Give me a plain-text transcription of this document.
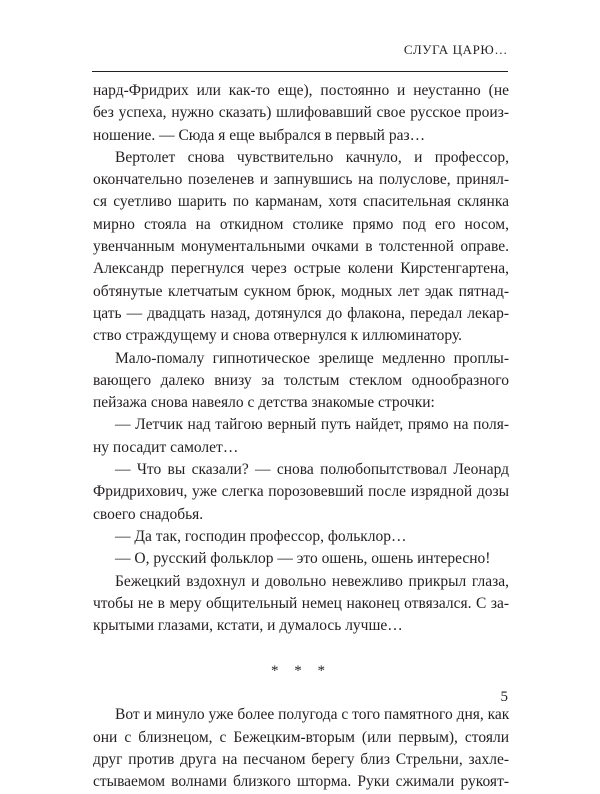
СЛУГА ЦАРЮ…
нард-Фридрих или как-то еще), постоянно и неустанно (не
без успеха, нужно сказать) шлифовавший свое русское произ-
ношение. — Сюда я еще выбрался в первый раз…
Вертолет снова чувствительно качнуло, и профессор,
окончательно позеленев и запнувшись на полуслове, принял-
ся суетливо шарить по карманам, хотя спасительная склянка
мирно стояла на откидном столике прямо под его носом,
увенчанным монументальными очками в толстенной оправе.
Александр перегнулся через острые колени Кирстенгартена,
обтянутые клетчатым сукном брюк, модных лет эдак пятнад-
цать — двадцать назад, дотянулся до флакона, передал лекар-
ство страждущему и снова отвернулся к иллюминатору.
Мало-помалу гипнотическое зрелище медленно проплы-
вающего далеко внизу за толстым стеклом однообразного
пейзажа снова навеяло с детства знакомые строчки:
— Летчик над тайгою верный путь найдет, прямо на поля-
ну посадит самолет…
— Что вы сказали? — снова полюбопытствовал Леонард
Фридрихович, уже слегка порозовевший после изрядной дозы
своего снадобья.
— Да так, господин профессор, фольклор…
— О, русский фольклор — это ошень, ошень интересно!
Бежецкий вздохнул и довольно невежливо прикрыл глаза,
чтобы не в меру общительный немец наконец отвязался. С за-
крытыми глазами, кстати, и думалось лучше…
* * *
Вот и минуло уже более полугода с того памятного дня, как
они с близнецом, с Бежецким-вторым (или первым), стояли
друг против друга на песчаном берегу близ Стрельни, захле-
стываемом волнами близкого шторма. Руки сжимали рукоят-
5
